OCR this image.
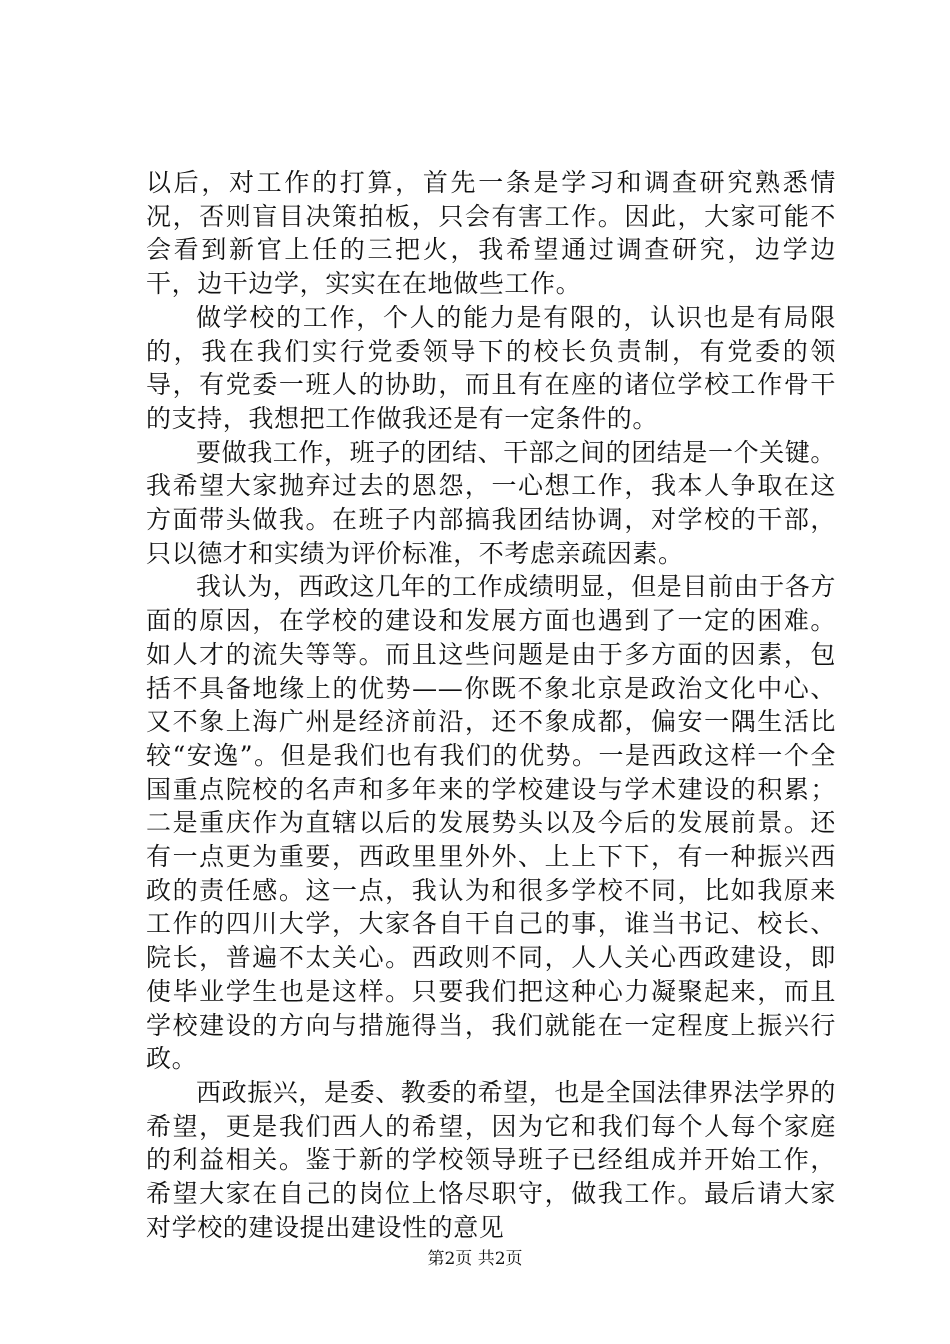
以后，对工作的打算，首先一条是学习和调查研究熟悉情况，否则盲目决策拍板，只会有害工作。因此，大家可能不会看到新官上任的三把火，我希望通过调查研究，边学边干，边干边学，实实在在地做些工作。

做学校的工作，个人的能力是有限的，认识也是有局限的，我在我们实行党委领导下的校长负责制，有党委的领导，有党委一班人的协助，而且有在座的诸位学校工作骨干的支持，我想把工作做我还是有一定条件的。

要做我工作，班子的团结、干部之间的团结是一个关键。我希望大家抛弃过去的恩怨，一心想工作，我本人争取在这方面带头做我。在班子内部搞我团结协调，对学校的干部，只以德才和实绩为评价标准，不考虑亲疏因素。

我认为，西政这几年的工作成绩明显，但是目前由于各方面的原因，在学校的建设和发展方面也遇到了一定的困难。如人才的流失等等。而且这些问题是由于多方面的因素，包括不具备地缘上的优势——你既不象北京是政治文化中心、又不象上海广州是经济前沿，还不象成都，偏安一隅生活比较“安逸”。但是我们也有我们的优势。一是西政这样一个全国重点院校的名声和多年来的学校建设与学术建设的积累；二是重庆作为直辖以后的发展势头以及今后的发展前景。还有一点更为重要，西政里里外外、上上下下，有一种振兴西政的责任感。这一点，我认为和很多学校不同，比如我原来工作的四川大学，大家各自干自己的事，谁当书记、校长、院长，普遍不太关心。西政则不同，人人关心西政建设，即使毕业学生也是这样。只要我们把这种心力凝聚起来，而且学校建设的方向与措施得当，我们就能在一定程度上振兴行政。

西政振兴，是委、教委的希望，也是全国法律界法学界的希望，更是我们西人的希望，因为它和我们每个人每个家庭的利益相关。鉴于新的学校领导班子已经组成并开始工作，希望大家在自己的岗位上恪尽职守，做我工作。最后请大家对学校的建设提出建设性的意见

第2页 共2页
